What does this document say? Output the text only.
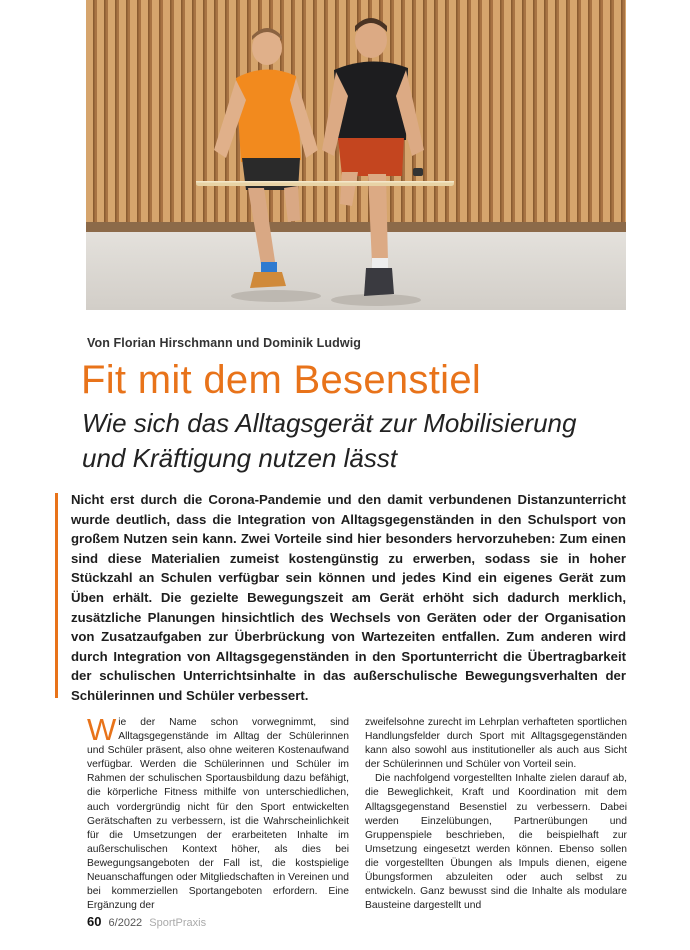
Von Florian Hirschmann und Dominik Ludwig
Fit mit dem Besenstiel
Wie sich das Alltagsgerät zur Mobilisierung
und Kräftigung nutzen lässt
Nicht erst durch die Corona-Pandemie und den damit verbundenen Distanzunterricht wurde deutlich, dass die Integration von Alltagsgegenständen in den Schulsport von großem Nutzen sein kann. Zwei Vorteile sind hier besonders hervorzuheben: Zum einen sind diese Materialien zumeist kostengünstig zu erwerben, sodass sie in hoher Stückzahl an Schulen verfügbar sein können und jedes Kind ein eigenes Gerät zum Üben erhält. Die gezielte Bewegungszeit am Gerät erhöht sich dadurch merklich, zusätzliche Planungen hinsichtlich des Wechsels von Geräten oder der Organisation von Zusatzaufgaben zur Überbrückung von Wartezeiten entfallen. Zum anderen wird durch Integration von Alltagsgegenständen in den Sportunterricht die Übertragbarkeit der schulischen Unterrichtsinhalte in das außerschulische Bewegungsverhalten der Schülerinnen und Schüler verbessert.

Wie der Name schon vorwegnimmt, sind Alltagsgegenstände im Alltag der Schülerinnen und Schüler präsent, also ohne weiteren Kostenaufwand verfügbar. Werden die Schülerinnen und Schüler im Rahmen der schulischen Sportausbildung dazu befähigt, die körperliche Fitness mithilfe von unterschiedlichen, auch vordergründig nicht für den Sport entwickelten Gerätschaften zu verbessern, ist die Wahrscheinlichkeit für die Umsetzungen der erarbeiteten Inhalte im außerschulischen Kontext höher, als dies bei Bewegungsangeboten der Fall ist, die kostspielige Neuanschaffungen oder Mitgliedschaften in Vereinen und bei kommerziellen Sportangeboten erfordern. Eine Ergänzung der

zweifelsohne zurecht im Lehrplan verhafteten sportlichen Handlungsfelder durch Sport mit Alltagsgegenständen kann also sowohl aus institutioneller als auch aus Sicht der Schülerinnen und Schüler von Vorteil sein.

Die nachfolgend vorgestellten Inhalte zielen darauf ab, die Beweglichkeit, Kraft und Koordination mit dem Alltagsgegenstand Besenstiel zu verbessern. Dabei werden Einzelübungen, Partnerübungen und Gruppenspiele beschrieben, die beispielhaft zur Umsetzung eingesetzt werden können. Ebenso sollen die vorgestellten Übungen als Impuls dienen, eigene Übungsformen abzuleiten oder auch selbst zu entwickeln. Ganz bewusst sind die Inhalte als modulare Bausteine dargestellt und

60 6/2022 SportPraxis
